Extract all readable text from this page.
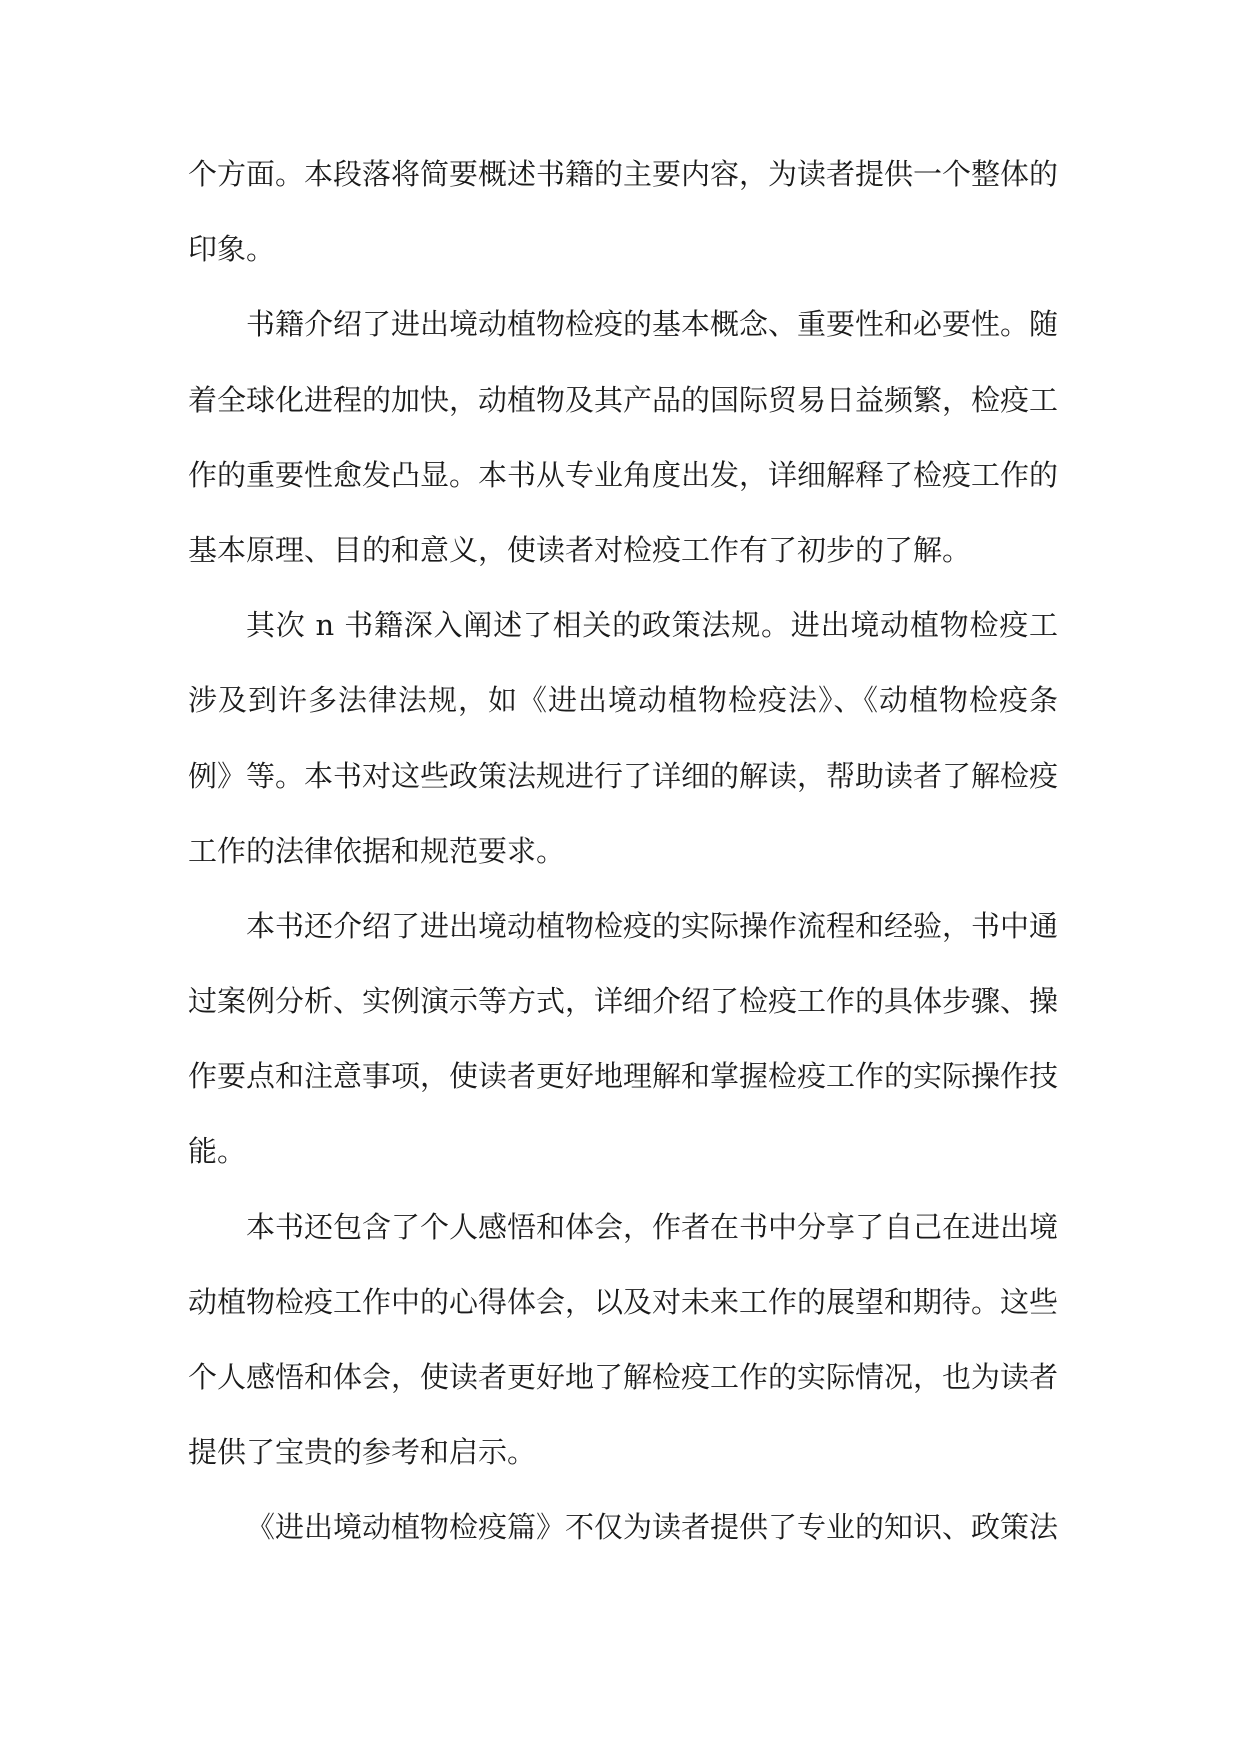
个方面。本段落将简要概述书籍的主要内容，为读者提供一个整体的
印象。
书籍介绍了进出境动植物检疫的基本概念、重要性和必要性。随
着全球化进程的加快，动植物及其产品的国际贸易日益频繁，检疫工
作的重要性愈发凸显。本书从专业角度出发，详细解释了检疫工作的
基本原理、目的和意义，使读者对检疫工作有了初步的了解。
其次 n 书籍深入阐述了相关的政策法规。进出境动植物检疫工
涉及到许多法律法规，如《进出境动植物检疫法》、《动植物检疫条
例》等。本书对这些政策法规进行了详细的解读，帮助读者了解检疫
工作的法律依据和规范要求。
本书还介绍了进出境动植物检疫的实际操作流程和经验，书中通
过案例分析、实例演示等方式，详细介绍了检疫工作的具体步骤、操
作要点和注意事项，使读者更好地理解和掌握检疫工作的实际操作技
能。
本书还包含了个人感悟和体会，作者在书中分享了自己在进出境
动植物检疫工作中的心得体会，以及对未来工作的展望和期待。这些
个人感悟和体会，使读者更好地了解检疫工作的实际情况，也为读者
提供了宝贵的参考和启示。
《进出境动植物检疫篇》不仅为读者提供了专业的知识、政策法
